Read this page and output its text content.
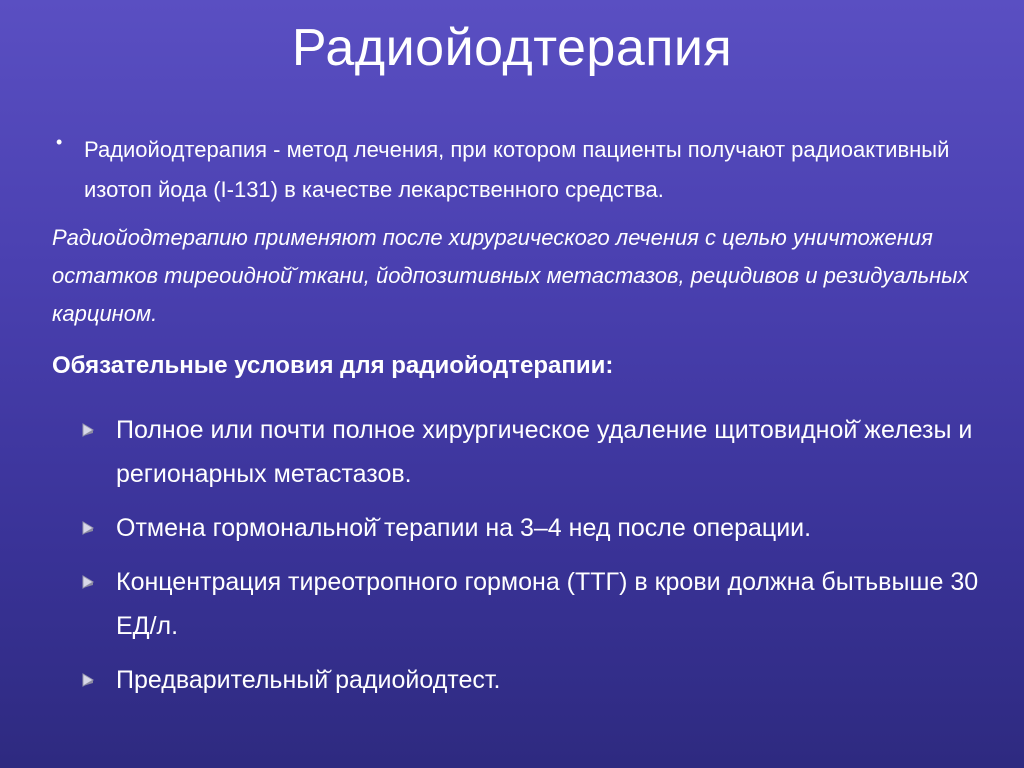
Радиойодтерапия
• Радиойодтерапия - метод лечения, при котором пациенты получают радиоактивный изотоп йода (I-131) в качестве лекарственного средства.
Радиойодтерапию применяют после хирургического лечения с целью уничтожения остатков тиреоидной̆ ткани, йодпозитивных метастазов, рецидивов и резидуальных карцином.
Обязательные условия для радиойодтерапии:
Полное или почти полное хирургическое удаление щитовидной̆ железы и регионарных метастазов.
Отмена гормональной̆ терапии на 3–4 нед после операции.
Концентрация тиреотропного гормона (ТТГ) в крови должна бытьвыше 30 ЕД/л.
Предварительный̆ радиойодтест.
